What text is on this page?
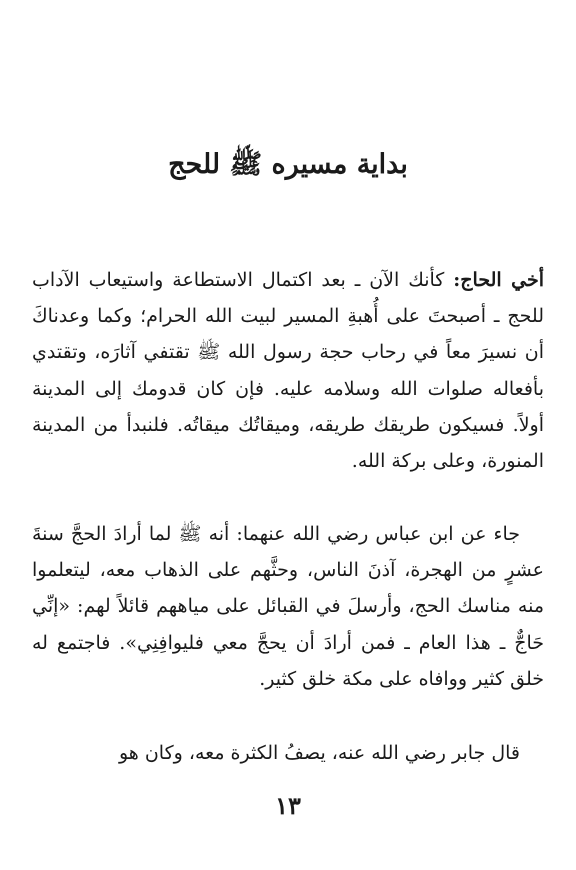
بداية مسيره ﷺ للحج

أخي الحاج: كأنك الآن ـ بعد اكتمال الاستطاعة واستيعاب الآداب للحج ـ أصبحتَ على أُهبةِ المسير لبيت الله الحرام؛ وكما وعدناكَ أن نسيرَ معاً في رحاب حجة رسول الله ﷺ تقتفي آثارَه، وتقتدي بأفعاله صلوات الله وسلامه عليه. فإن كان قدومك إلى المدينة أولاً. فسيكون طريقك طريقه، وميقاتُك ميقاتُه. فلنبدأ من المدينة المنورة، وعلى بركة الله.

جاء عن ابن عباس رضي الله عنهما: أنه ﷺ لما أرادَ الحجَّ سنةَ عشرٍ من الهجرة، آذنَ الناس، وحثَّهم على الذهاب معه، ليتعلموا منه مناسك الحج، وأرسلَ في القبائل على مياههم قائلاً لهم: «إنِّي حَاجٌّ ـ هذا العام ـ فمن أرادَ أن يحجَّ معي فليوافِنِي». فاجتمع له خلق كثير ووافاه على مكة خلق كثير.

قال جابر رضي الله عنه، يصفُ الكثرة معه، وكان هو

١٣
